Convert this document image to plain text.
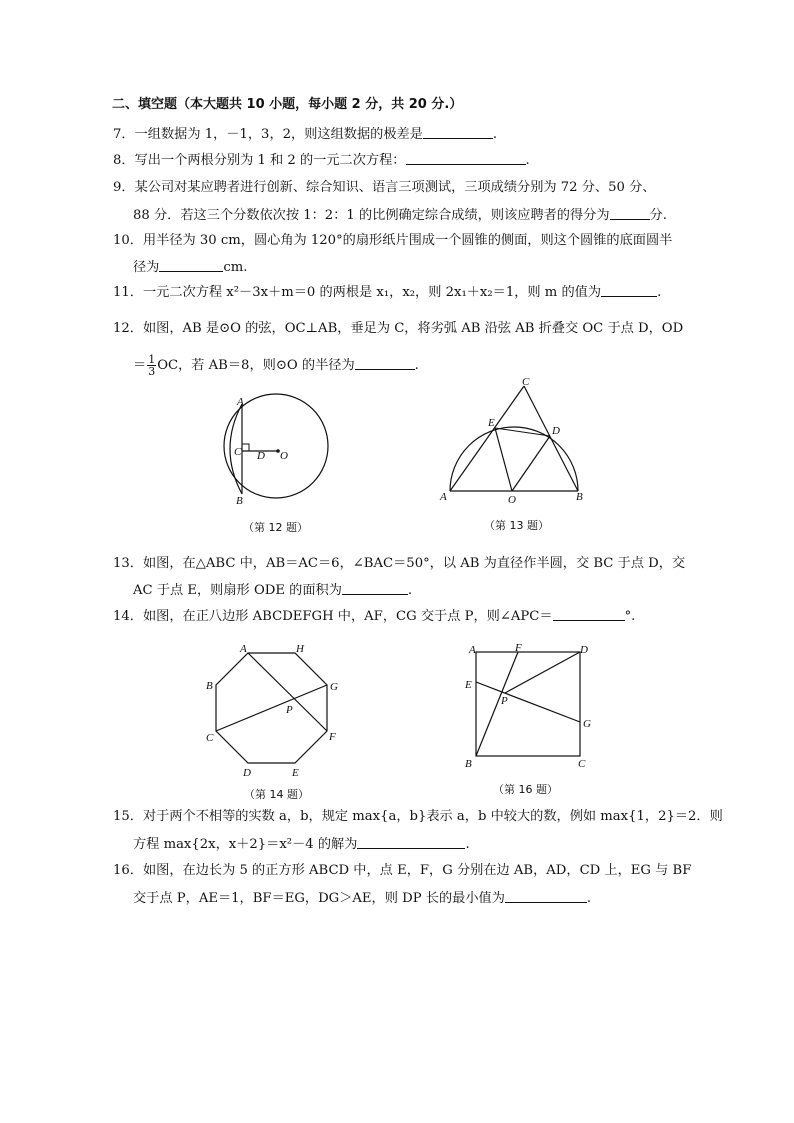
二、填空题（本大题共 10 小题，每小题 2 分，共 20 分.）
7．一组数据为 1，－1，3，2，则这组数据的极差是	.
8．写出一个两根分别为 1 和 2 的一元二次方程：	.
9．某公司对某应聘者进行创新、综合知识、语言三项测试，三项成绩分别为 72 分、50 分、
88 分．若这三个分数依次按 1：2：1 的比例确定综合成绩，则该应聘者的得分为	分.
10．用半径为 30 cm，圆心角为 120°的扇形纸片围成一个圆锥的侧面，则这个圆锥的底面圆半
径为	cm.
11．一元二次方程 x²－3x＋m＝0 的两根是 x₁，x₂，则 2x₁＋x₂＝1，则 m 的值为	.
12．如图，AB 是⊙O 的弦，OC⊥AB，垂足为 C，将劣弧 AB 沿弦 AB 折叠交 OC 于点 D，OD
＝ $\frac{1}{3}$ OC，若 AB＝8，则⊙O 的半径为	.
A
B
C D O
（第 12 题）
C
E
D
A	O	B
（第 13 题）
13．如图，在△ABC 中，AB＝AC＝6，∠BAC＝50°，以 AB 为直径作半圆，交 BC 于点 D，交
AC 于点 E，则扇形 ODE 的面积为	.
14．如图，在正八边形 ABCDEFGH 中，AF，CG 交于点 P，则∠APC＝	°.
A	H
B	G
C	F
P
D	E
（第 14 题）
A	F	D
E
P
G
B	C
（第 16 题）
15．对于两个不相等的实数 a，b，规定 max{a，b}表示 a，b 中较大的数，例如 max{1，2}＝2．则
方程 max{2x，x＋2}＝x²－4 的解为	.
16．如图，在边长为 5 的正方形 ABCD 中，点 E，F，G 分别在边 AB，AD，CD 上，EG 与 BF
交于点 P，AE＝1，BF＝EG，DG＞AE，则 DP 长的最小值为	.
